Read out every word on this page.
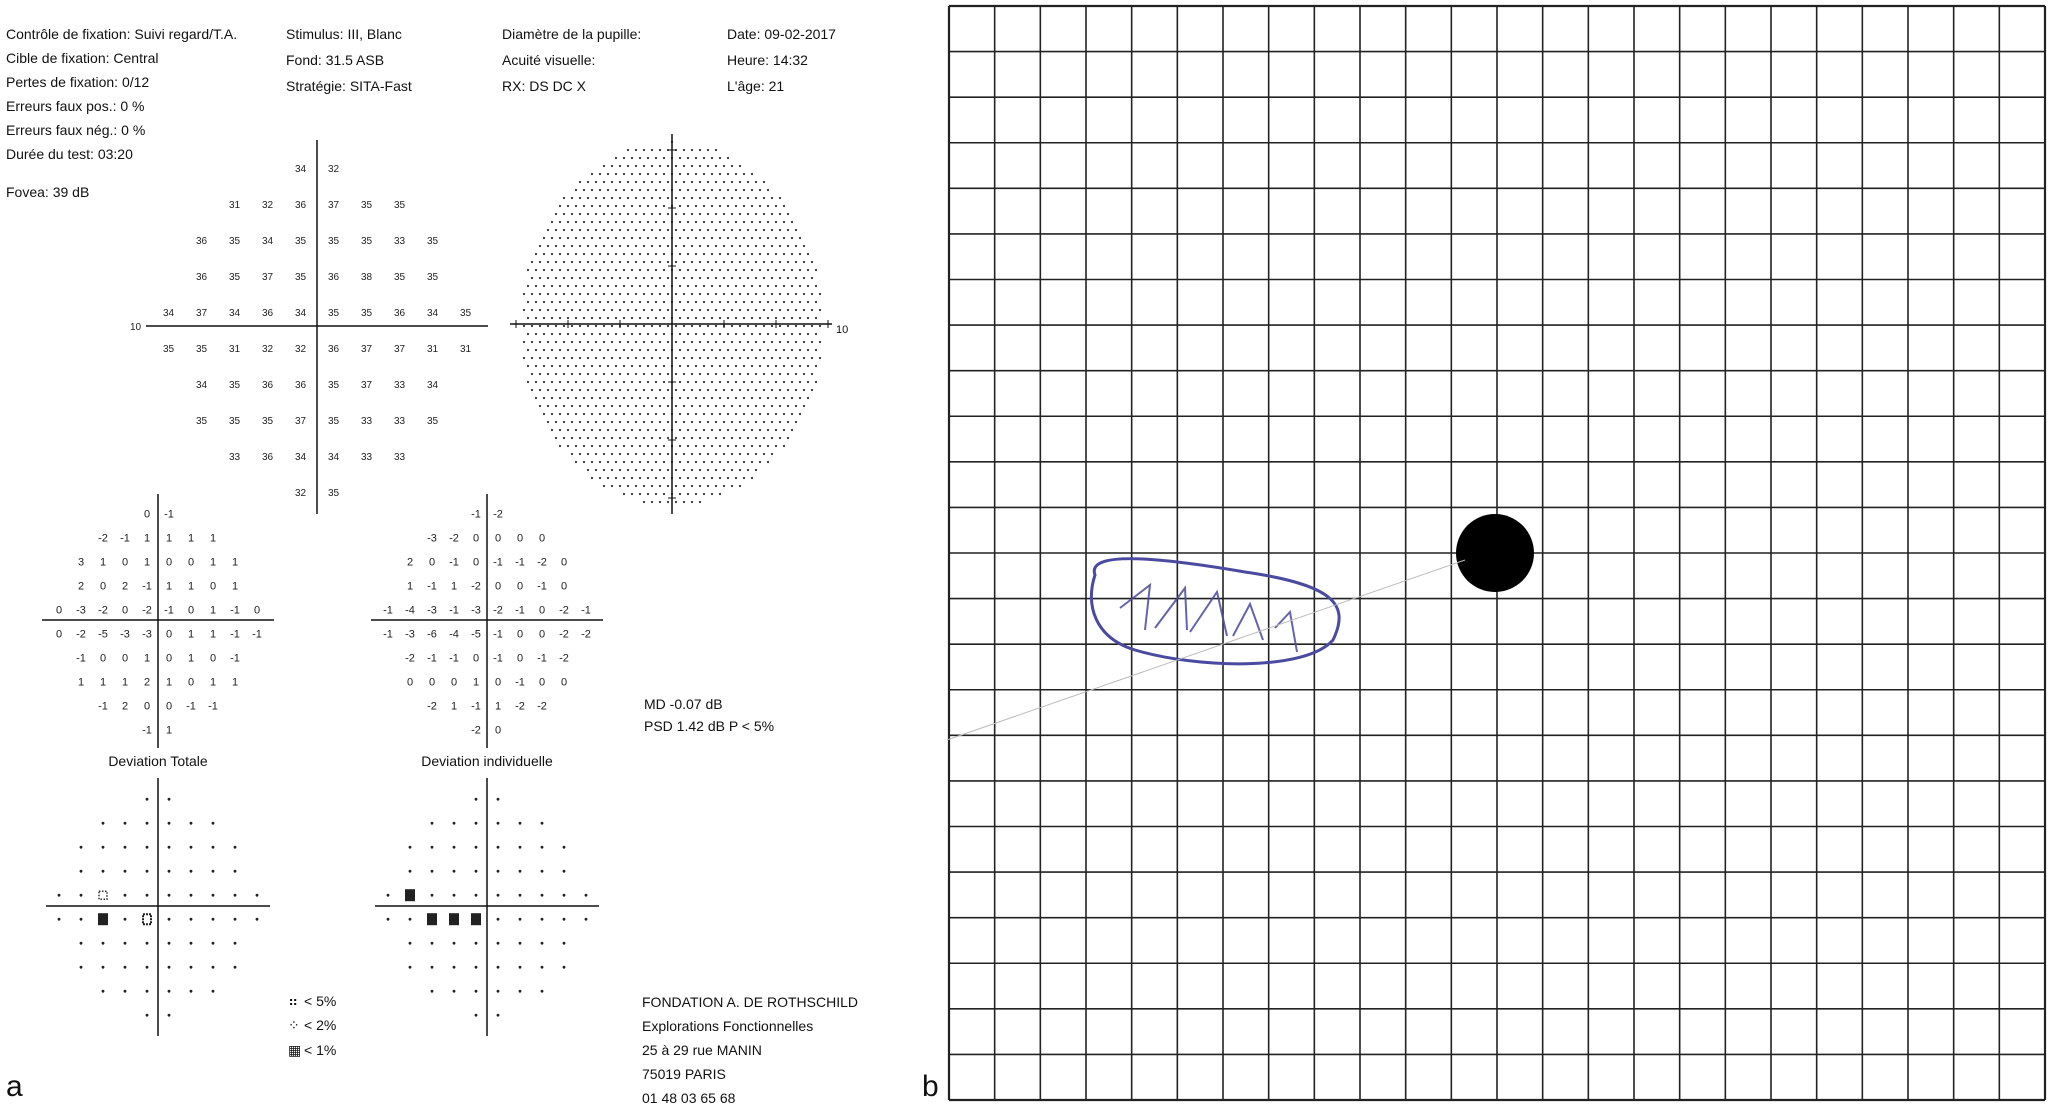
Contrôle de fixation: Suivi regard/T.A.
Cible de fixation: Central
Pertes de fixation: 0/12
Erreurs faux pos.: 0 %
Erreurs faux nég.: 0 %
Durée du test: 03:20
Fovea: 39 dB
Stimulus: III, Blanc
Fond: 31.5 ASB
Stratégie: SITA-Fast
Diamètre de la pupille:
Acuité visuelle:
RX: DS DC X
Date: 09-02-2017
Heure: 14:32
L'âge: 21
34 32
31 32 36 37 35 35
36 35 34 35 35 35 33 35
36 35 37 35 36 38 35 35
34 37 34 36 34 35 35 36 34 35
35 35 31 32 32 36 37 37 31 31
34 35 36 36 35 37 33 34
35 35 35 37 35 33 33 35
33 36 34 34 33 33
32 35
10
0 -1
-2 -1 1 1 1 1
3 1 0 1 0 0 1 1
2 0 2 -1 1 1 0 1
0 -3 -2 0 -2 -1 0 1 -1 0
0 -2 -5 -3 -3 0 1 1 -1 -1
-1 0 0 1 0 1 0 -1
1 1 1 2 1 0 1 1
-1 2 0 0 -1 -1
-1 1
-1 -2
-3 -2 0 0 0 0
2 0 -1 0 -1 -1 -2 0
1 -1 1 -2 0 0 -1 0
-1 -4 -3 -1 -3 -2 -1 0 -2 -1
-1 -3 -6 -4 -5 -1 0 0 -2 -2
-2 -1 -1 0 -1 0 -1 -2
0 0 0 1 0 -1 0 0
-2 1 -1 1 -2 -2
-2 0
Deviation Totale	Deviation individuelle
10
MD -0.07 dB
PSD 1.42 dB P < 5%
⠶ < 5%
⁘ < 2%
▦ < 1%
FONDATION A. DE ROTHSCHILD
Explorations Fonctionnelles
25 à 29 rue MANIN
75019 PARIS
01 48 03 65 68
a	b
